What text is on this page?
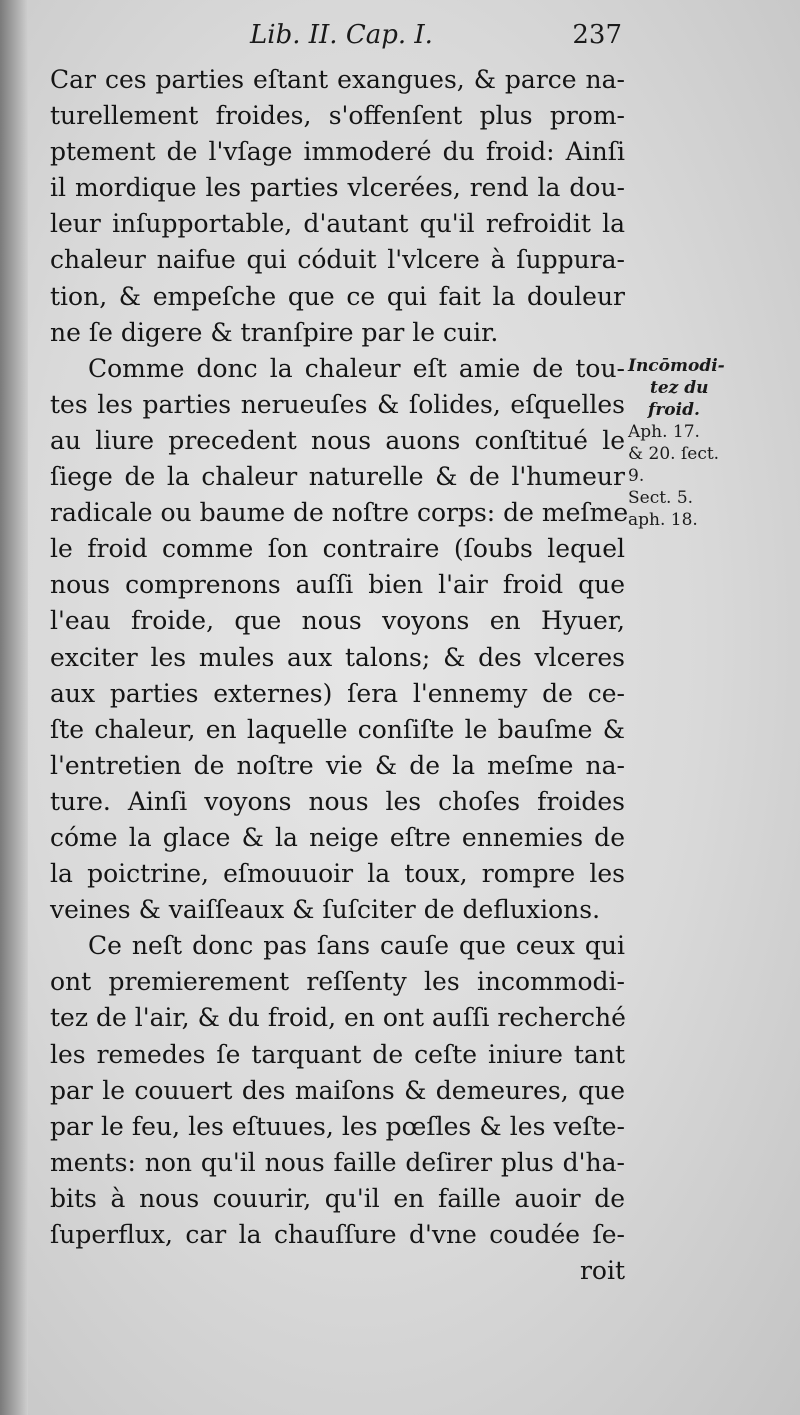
Lib. II. Cap. I.	237
Car ces parties eſtant exangues, & parce na-
turellement froides, s'offenſent plus prom-
ptement de l'vſage immoderé du froid: Ainſi
il mordique les parties vlcerées, rend la dou-
leur inſupportable, d'autant qu'il refroidit la
chaleur naifue qui códuit l'vlcere à ſuppura-
tion, & empeſche que ce qui fait la douleur
ne ſe digere & tranſpire par le cuir.
Comme donc la chaleur eſt amie de tou-
tes les parties nerueuſes & ſolides, eſquelles
au liure precedent nous auons conſtitué le
ſiege de la chaleur naturelle & de l'humeur
radicale ou baume de noſtre corps: de meſme
le froid comme ſon contraire (ſoubs lequel
nous comprenons auſſi bien l'air froid que
l'eau froide, que nous voyons en Hyuer,
exciter les mules aux talons; & des vlceres
aux parties externes) ſera l'ennemy de ce-
ſte chaleur, en laquelle conſiſte le bauſme &
l'entretien de noſtre vie & de la meſme na-
ture. Ainſi voyons nous les choſes froides
cóme la glace & la neige eſtre ennemies de
la poictrine, eſmouuoir la toux, rompre les
veines & vaiſſeaux & ſuſciter de defluxions.
Ce neſt donc pas ſans cauſe que ceux qui
ont premierement reſſenty les incommodi-
tez de l'air, & du froid, en ont auſſi recherché
les remedes ſe tarquant de ceſte iniure tant
par le couuert des maiſons & demeures, que
par le feu, les eſtuues, les pœſles & les veſte-
ments: non qu'il nous faille deſirer plus d'ha-
bits à nous couurir, qu'il en faille auoir de
ſuperflux, car la chauſſure d'vne coudée ſe-
roit
Incōmodi-
tez du
froid.
Aph. 17.
& 20. ſect.
9.
Sect. 5.
aph. 18.
